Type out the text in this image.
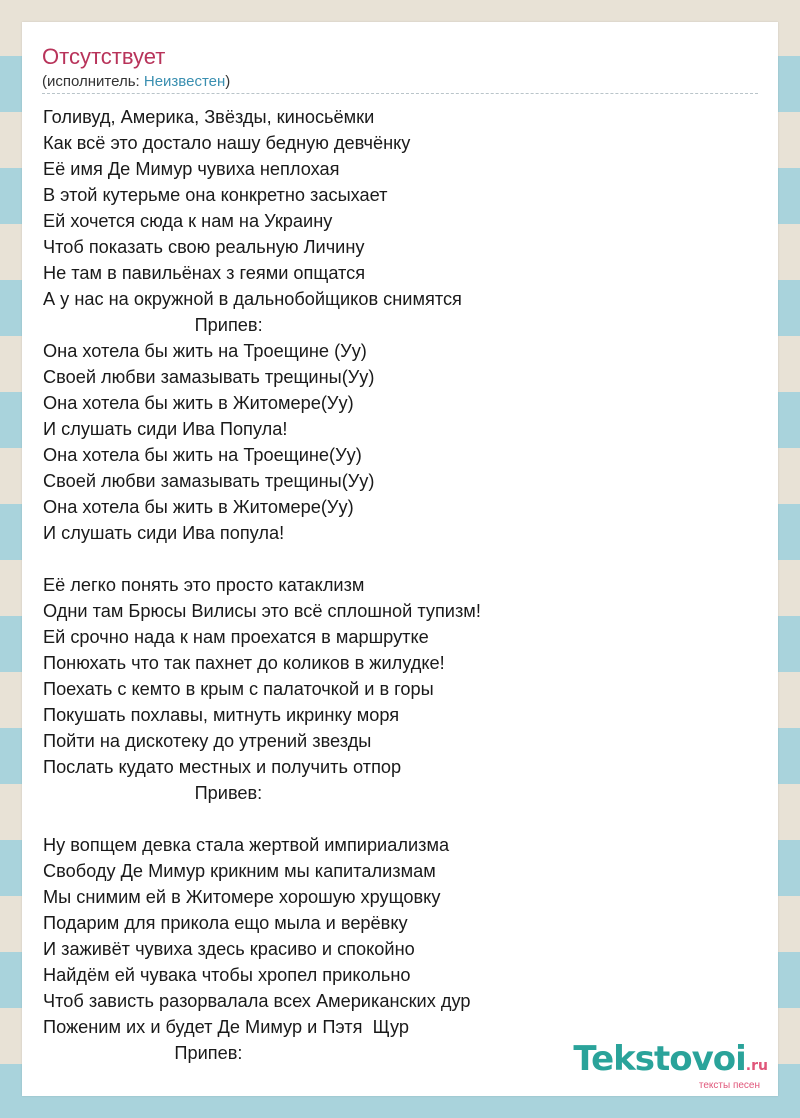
Отсутствует
(исполнитель: Неизвестен)
Голивуд, Америка, Звёзды, киносьёмки
Как всё это достало нашу бедную девчёнку
Её имя Де Мимур чувиха неплохая
В этой кутерьме она конкретно засыхает
Ей хочется сюда к нам на Украину
Чтоб показать свою реальную Личину
Не там в павильёнах з геями опщатся
А у нас на окружной в дальнобойщиков снимятся
Припев:
Она хотела бы жить на Троещине (Уу)
Своей любви замазывать трещины(Уу)
Она хотела бы жить в Житомере(Уу)
И слушать сиди Ива Попула!
Она хотела бы жить на Троещине(Уу)
Своей любви замазывать трещины(Уу)
Она хотела бы жить в Житомере(Уу)
И слушать сиди Ива попула!
Её легко понять это просто катаклизм
Одни там Брюсы Вилисы это всё сплошной тупизм!
Ей срочно нада к нам проехатся в маршрутке
Понюхать что так пахнет до коликов в жилудке!
Поехать с кемто в крым с палаточкой и в горы
Покушать похлавы, митнуть икринку моря
Пойти на дискотеку до утрений звезды
Послать кудато местных и получить отпор
Привев:
Ну вопщем девка стала жертвой импириализма
Свободу Де Мимур крикним мы капитализмам
Мы снимим ей в Житомере хорошую хрущовку
Подарим для прикола ещо мыла и верёвку
И заживёт чувиха здесь красиво и спокойно
Найдём ей чувака чтобы хропел прикольно
Чтоб зависть разорвалала всех Американских дур
Поженим их и будет Де Мимур и Пэтя  Щур
Припев:	Tekstovoi.ru
тексты песен
